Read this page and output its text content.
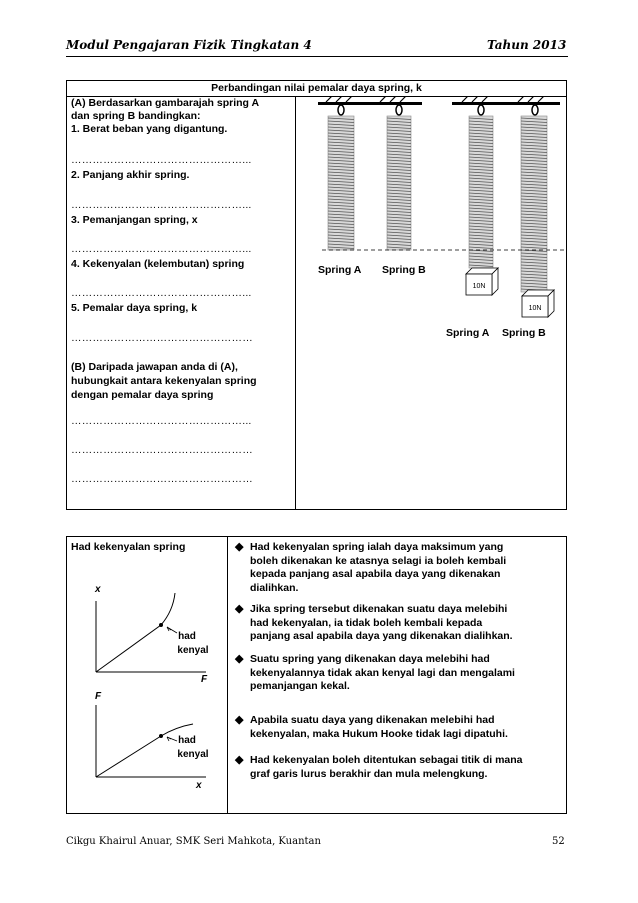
Modul Pengajaran Fizik Tingkatan 4	Tahun 2013
Perbandingan nilai pemalar daya spring, k
(A) Berdasarkan gambarajah spring A
dan spring B bandingkan:
1. Berat beban yang digantung.
…………………………………………...
2. Panjang akhir spring.
…………………………………………...
3. Pemanjangan spring, x
…………………………………………...
4. Kekenyalan (kelembutan) spring
…………………………………………...
5. Pemalar daya spring, k
……………………………………………
(B) Daripada jawapan anda di (A),
hubungkait antara kekenyalan spring
dengan pemalar daya spring
…………………………………………...
……………………………………………
……………………………………………
10N
10N
Spring A Spring B
Spring A Spring B
Had kekenyalan spring
x
F
had
kenyal
F
x
had
kenyal
◆ Had kekenyalan spring ialah daya maksimum yang
boleh dikenakan ke atasnya selagi ia boleh kembali
kepada panjang asal apabila daya yang dikenakan
dialihkan.
◆ Jika spring tersebut dikenakan suatu daya melebihi
had kekenyalan, ia tidak boleh kembali kepada
panjang asal apabila daya yang dikenakan dialihkan.
◆ Suatu spring yang dikenakan daya melebihi had
kekenyalannya tidak akan kenyal lagi dan mengalami
pemanjangan kekal.
◆ Apabila suatu daya yang dikenakan melebihi had
kekenyalan, maka Hukum Hooke tidak lagi dipatuhi.
◆ Had kekenyalan boleh ditentukan sebagai titik di mana
graf garis lurus berakhir dan mula melengkung.
Cikgu Khairul Anuar, SMK Seri Mahkota, Kuantan	52
